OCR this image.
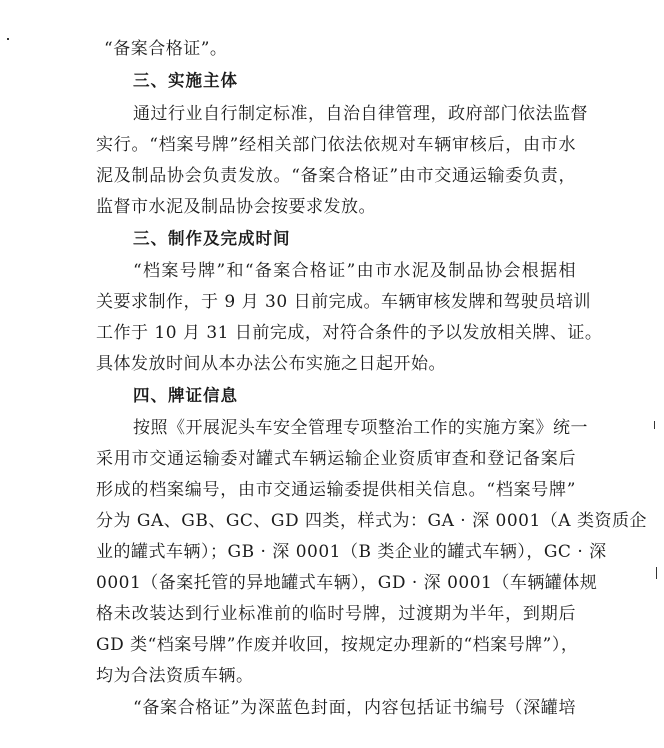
“备案合格证”。
三、实施主体
通过行业自行制定标准，自治自律管理，政府部门依法监督
实行。“档案号牌”经相关部门依法依规对车辆审核后，由市水
泥及制品协会负责发放。“备案合格证”由市交通运输委负责，
监督市水泥及制品协会按要求发放。
三、制作及完成时间
“档案号牌”和“备案合格证”由市水泥及制品协会根据相
关要求制作，于 9 月 30 日前完成。车辆审核发牌和驾驶员培训
工作于 10 月 31 日前完成，对符合条件的予以发放相关牌、证。
具体发放时间从本办法公布实施之日起开始。
四、牌证信息
按照《开展泥头车安全管理专项整治工作的实施方案》统一
采用市交通运输委对罐式车辆运输企业资质审查和登记备案后
形成的档案编号，由市交通运输委提供相关信息。“档案号牌”
分为 GA、GB、GC、GD 四类，样式为：GA · 深 0001（A 类资质企
业的罐式车辆）；GB · 深 0001（B 类企业的罐式车辆），GC · 深
0001（备案托管的异地罐式车辆），GD · 深 0001（车辆罐体规
格未改装达到行业标准前的临时号牌，过渡期为半年，到期后
GD 类“档案号牌”作废并收回，按规定办理新的“档案号牌”），
均为合法资质车辆。
“备案合格证”为深蓝色封面，内容包括证书编号（深罐培
